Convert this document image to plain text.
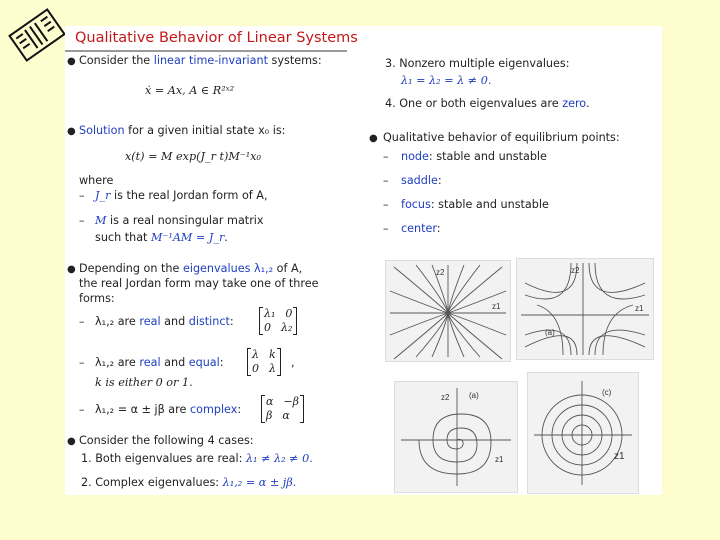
Qualitative Behavior of Linear Systems
● Consider the linear time-invariant systems:
ẋ = Ax, A ∈ R²ˣ²
● Solution for a given initial state x₀ is:
x(t) = M exp(J_r t)M⁻¹x₀
where
– J_r is the real Jordan form of A,
– M is a real nonsingular matrix
such that M⁻¹AM = J_r.
● Depending on the eigenvalues λ₁,₂ of A,
the real Jordan form may take one of three
forms:
– λ₁,₂ are real and distinct:
λ₁ 0
0 λ₂
– λ₁,₂ are real and equal:
λ k
0 λ ,
k is either 0 or 1.
– λ₁,₂ = α ± jβ are complex:
α −β
β α
● Consider the following 4 cases:
1. Both eigenvalues are real: λ₁ ≠ λ₂ ≠ 0.
2. Complex eigenvalues: λ₁,₂ = α ± jβ.
3. Nonzero multiple eigenvalues:
λ₁ = λ₂ = λ ≠ 0.
4. One or both eigenvalues are zero.
● Qualitative behavior of equilibrium points:
– node: stable and unstable
– saddle:
– focus: stable and unstable
– center:
z2
z1
z2
z1
(a)
z2
z1
(a)
z1
(c)
